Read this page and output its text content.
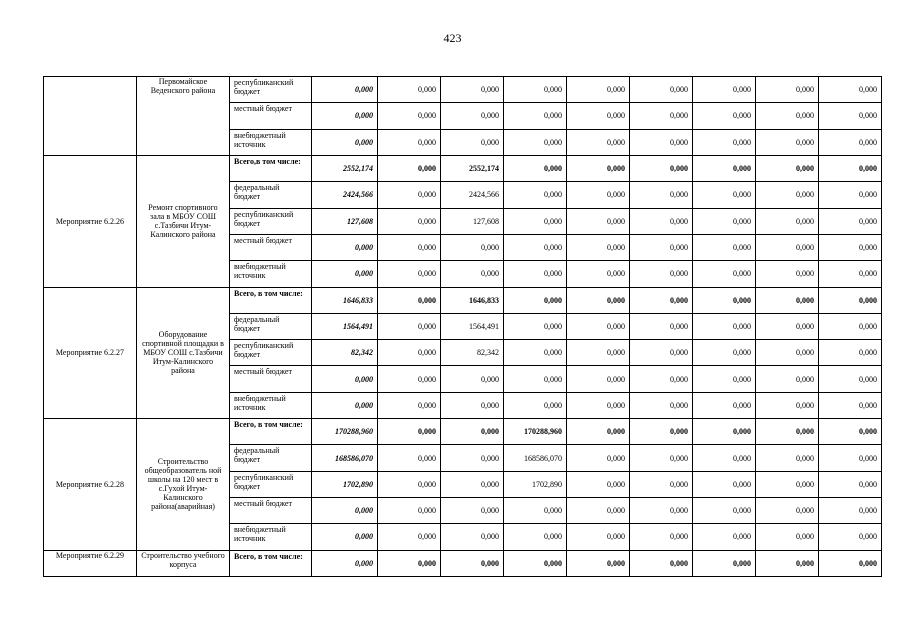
423
	Первомайское Веденского района	республиканский бюджет	0,000	0,000	0,000	0,000	0,000	0,000	0,000	0,000	0,000
		местный бюджет	0,000	0,000	0,000	0,000	0,000	0,000	0,000	0,000	0,000
		внебюджетный источник	0,000	0,000	0,000	0,000	0,000	0,000	0,000	0,000	0,000
Мероприятие 6.2.26	Ремонт спортивного зала в МБОУ СОШ с.Тазбичи Итум-Калинского района	Всего,в том числе:	2552,174	0,000	2552,174	0,000	0,000	0,000	0,000	0,000	0,000
		федеральный бюджет	2424,566	0,000	2424,566	0,000	0,000	0,000	0,000	0,000	0,000
		республиканский бюджет	127,608	0,000	127,608	0,000	0,000	0,000	0,000	0,000	0,000
		местный бюджет	0,000	0,000	0,000	0,000	0,000	0,000	0,000	0,000	0,000
		внебюджетный источник	0,000	0,000	0,000	0,000	0,000	0,000	0,000	0,000	0,000
Мероприятие 6.2.27	Оборудование спортивной площадки в МБОУ СОШ с.Тазбичи Итум-Калинского района	Всего, в том числе:	1646,833	0,000	1646,833	0,000	0,000	0,000	0,000	0,000	0,000
		федеральный бюджет	1564,491	0,000	1564,491	0,000	0,000	0,000	0,000	0,000	0,000
		республиканский бюджет	82,342	0,000	82,342	0,000	0,000	0,000	0,000	0,000	0,000
		местный бюджет	0,000	0,000	0,000	0,000	0,000	0,000	0,000	0,000	0,000
		внебюджетный источник	0,000	0,000	0,000	0,000	0,000	0,000	0,000	0,000	0,000
Мероприятие 6.2.28	Строительство общеобразователь ной школы на 120 мест в с.Гухой Итум-Калинского района(аварийная)	Всего, в том числе:	170288,960	0,000	0,000	170288,960	0,000	0,000	0,000	0,000	0,000
		федеральный бюджет	168586,070	0,000	0,000	168586,070	0,000	0,000	0,000	0,000	0,000
		республиканский бюджет	1702,890	0,000	0,000	1702,890	0,000	0,000	0,000	0,000	0,000
		местный бюджет	0,000	0,000	0,000	0,000	0,000	0,000	0,000	0,000	0,000
		внебюджетный источник	0,000	0,000	0,000	0,000	0,000	0,000	0,000	0,000	0,000
Мероприятие 6.2.29	Строительство учебного корпуса	Всего, в том числе:	0,000	0,000	0,000	0,000	0,000	0,000	0,000	0,000	0,000
